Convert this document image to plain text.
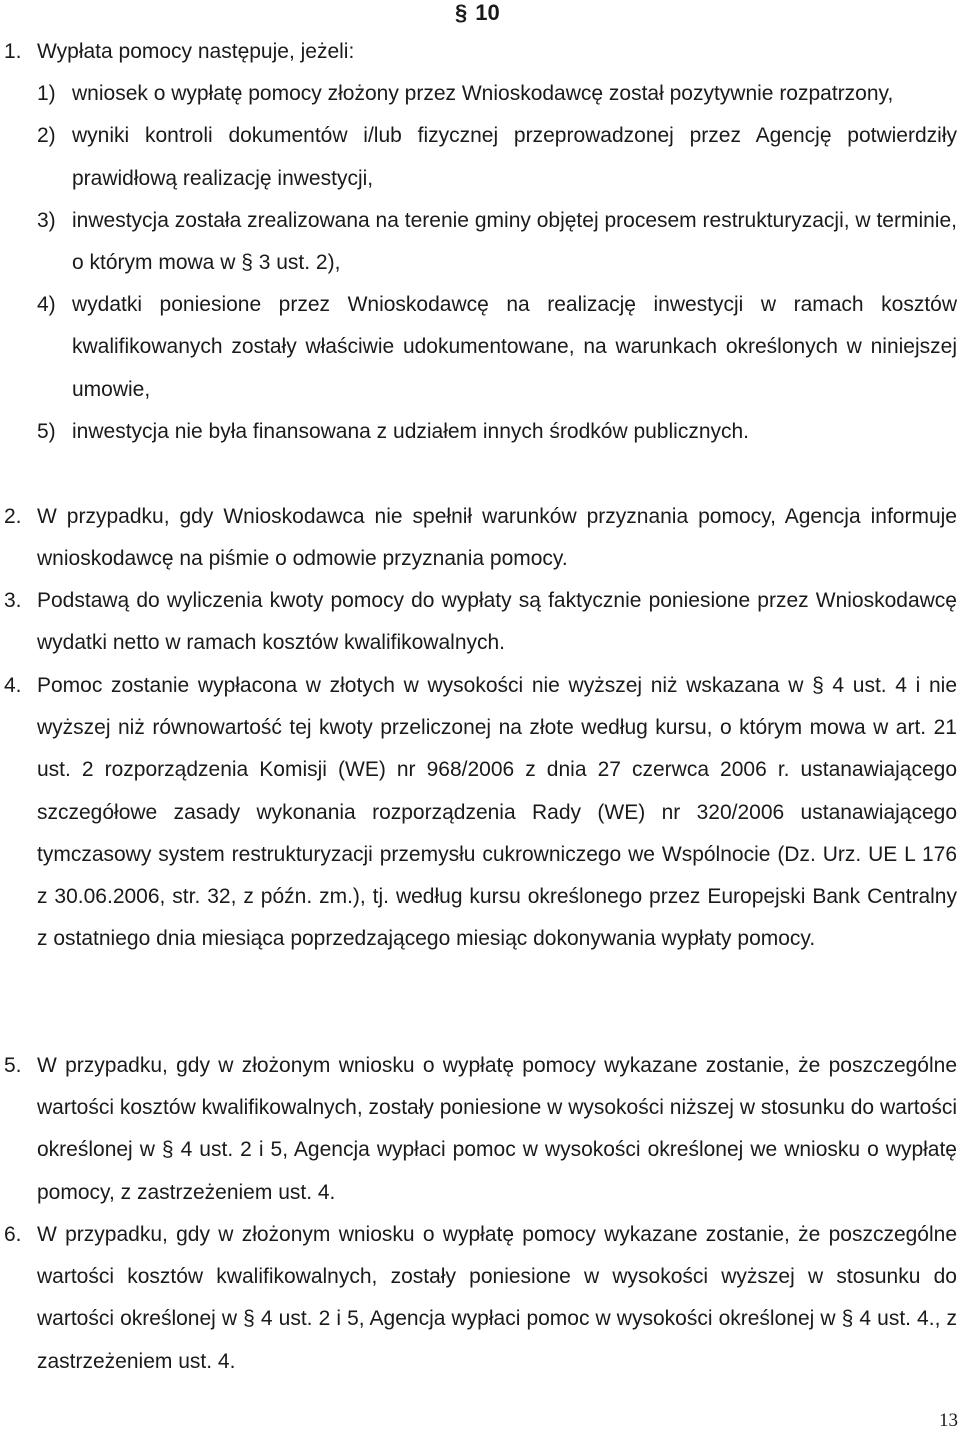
§ 10
1. Wypłata pomocy następuje, jeżeli:
1) wniosek o wypłatę pomocy złożony przez Wnioskodawcę został pozytywnie rozpatrzony,
2) wyniki kontroli dokumentów i/lub fizycznej przeprowadzonej przez Agencję potwierdziły prawidłową realizację inwestycji,
3) inwestycja została zrealizowana na terenie gminy objętej procesem restrukturyzacji, w terminie, o którym mowa w § 3 ust. 2),
4) wydatki poniesione przez Wnioskodawcę na realizację inwestycji w ramach kosztów kwalifikowanych zostały właściwie udokumentowane, na warunkach określonych w niniejszej umowie,
5) inwestycja nie była finansowana z udziałem innych środków publicznych.
2. W przypadku, gdy Wnioskodawca nie spełnił warunków przyznania pomocy, Agencja informuje wnioskodawcę na piśmie o odmowie przyznania pomocy.
3. Podstawą do wyliczenia kwoty pomocy do wypłaty są faktycznie poniesione przez Wnioskodawcę wydatki netto w ramach kosztów kwalifikowalnych.
4. Pomoc zostanie wypłacona w złotych w wysokości nie wyższej niż wskazana w § 4 ust. 4 i nie wyższej niż równowartość tej kwoty przeliczonej na złote według kursu, o którym mowa w art. 21 ust. 2 rozporządzenia Komisji (WE) nr 968/2006 z dnia 27 czerwca 2006 r. ustanawiającego szczegółowe zasady wykonania rozporządzenia Rady (WE) nr 320/2006 ustanawiającego tymczasowy system restrukturyzacji przemysłu cukrowniczego we Wspólnocie (Dz. Urz. UE L 176 z 30.06.2006, str. 32, z późn. zm.), tj. według kursu określonego przez Europejski Bank Centralny z ostatniego dnia miesiąca poprzedzającego miesiąc dokonywania wypłaty pomocy.
5. W przypadku, gdy w złożonym wniosku o wypłatę pomocy wykazane zostanie, że poszczególne wartości kosztów kwalifikowalnych, zostały poniesione w wysokości niższej w stosunku do wartości określonej w § 4 ust. 2 i 5, Agencja wypłaci pomoc w wysokości określonej we wniosku o wypłatę pomocy, z zastrzeżeniem ust. 4.
6. W przypadku, gdy w złożonym wniosku o wypłatę pomocy wykazane zostanie, że poszczególne wartości kosztów kwalifikowalnych, zostały poniesione w wysokości wyższej w stosunku do wartości określonej w § 4 ust. 2 i 5, Agencja wypłaci pomoc w wysokości określonej w § 4 ust. 4., z zastrzeżeniem ust. 4.
13
